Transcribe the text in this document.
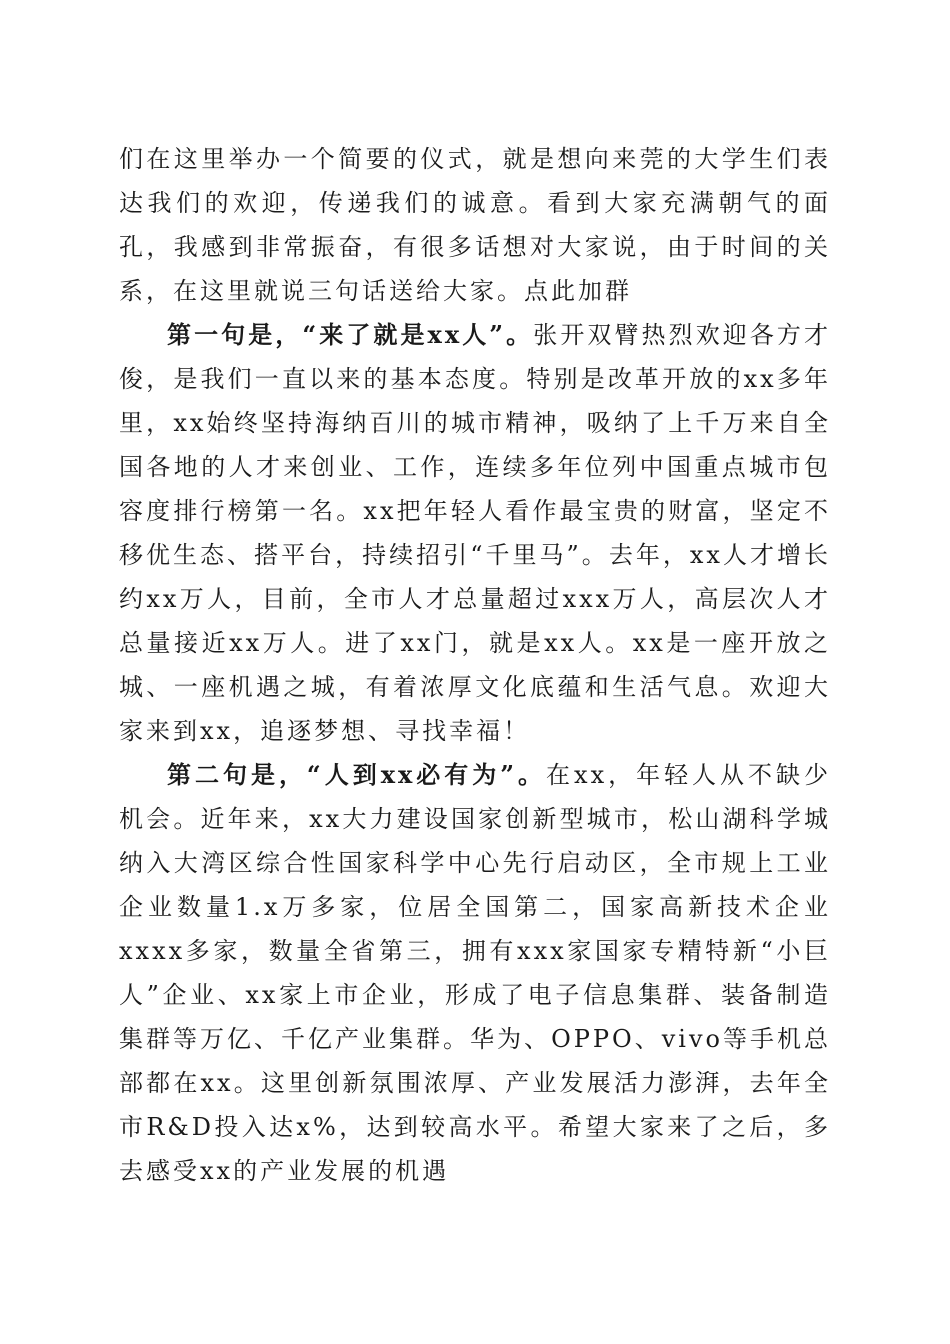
们在这里举办一个简要的仪式，就是想向来莞的大学生们表达我们的欢迎，传递我们的诚意。看到大家充满朝气的面孔，我感到非常振奋，有很多话想对大家说，由于时间的关系，在这里就说三句话送给大家。点此加群

第一句是，“来了就是xx人”。张开双臂热烈欢迎各方才俊，是我们一直以来的基本态度。特别是改革开放的xx多年里，xx始终坚持海纳百川的城市精神，吸纳了上千万来自全国各地的人才来创业、工作，连续多年位列中国重点城市包容度排行榜第一名。xx把年轻人看作最宝贵的财富，坚定不移优生态、搭平台，持续招引“千里马”。去年，xx人才增长约xx万人，目前，全市人才总量超过xxx万人，高层次人才总量接近xx万人。进了xx门，就是xx人。xx是一座开放之城、一座机遇之城，有着浓厚文化底蕴和生活气息。欢迎大家来到xx，追逐梦想、寻找幸福！

第二句是，“人到xx必有为”。在xx，年轻人从不缺少机会。近年来，xx大力建设国家创新型城市，松山湖科学城纳入大湾区综合性国家科学中心先行启动区，全市规上工业企业数量1.x万多家，位居全国第二，国家高新技术企业xxxx多家，数量全省第三，拥有xxx家国家专精特新“小巨人”企业、xx家上市企业，形成了电子信息集群、装备制造集群等万亿、千亿产业集群。华为、OPPO、vivo等手机总部都在xx。这里创新氛围浓厚、产业发展活力澎湃，去年全市R&D投入达x%，达到较高水平。希望大家来了之后，多去感受xx的产业发展的机遇
